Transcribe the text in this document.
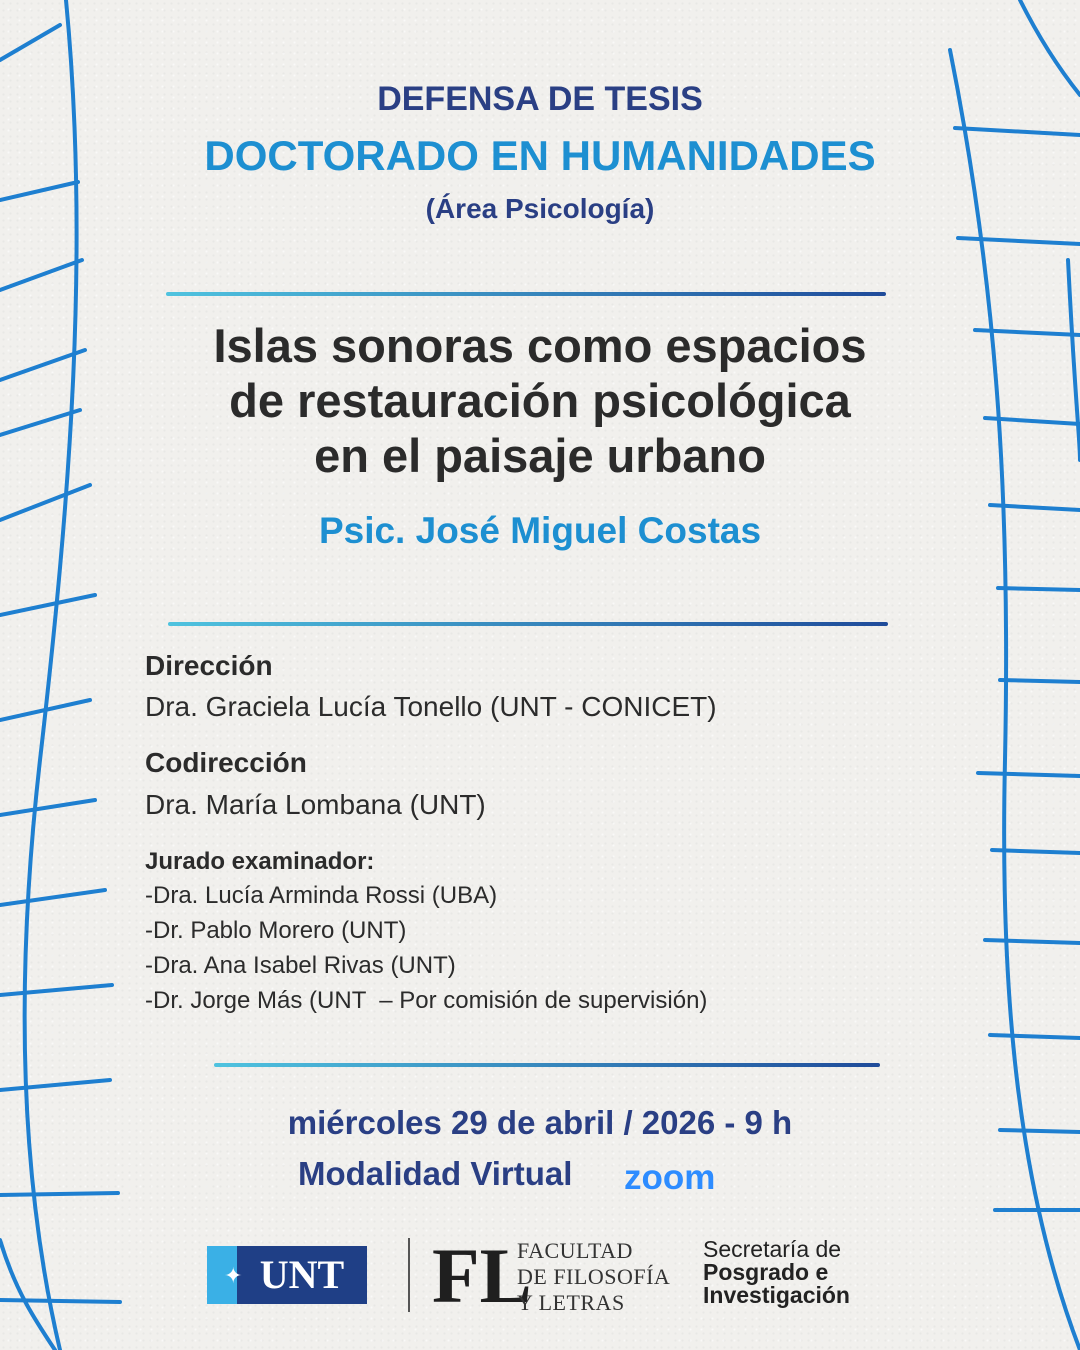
DEFENSA DE TESIS
DOCTORADO EN HUMANIDADES
(Área Psicología)
Islas sonoras como espacios
de restauración psicológica
en el paisaje urbano
Psic. José Miguel Costas
Dirección
Dra. Graciela Lucía Tonello (UNT - CONICET)
Codirección
Dra. María Lombana (UNT)
Jurado examinador:
-Dra. Lucía Arminda Rossi (UBA)
-Dr. Pablo Morero (UNT)
-Dra. Ana Isabel Rivas (UNT)
-Dr. Jorge Más (UNT  – Por comisión de supervisión)
miércoles 29 de abril / 2026 - 9 h
Modalidad Virtual zoom
UNT
✦ FL
FACULTAD
DE FILOSOFÍA
Y LETRAS
Secretaría de
Posgrado e
Investigación
